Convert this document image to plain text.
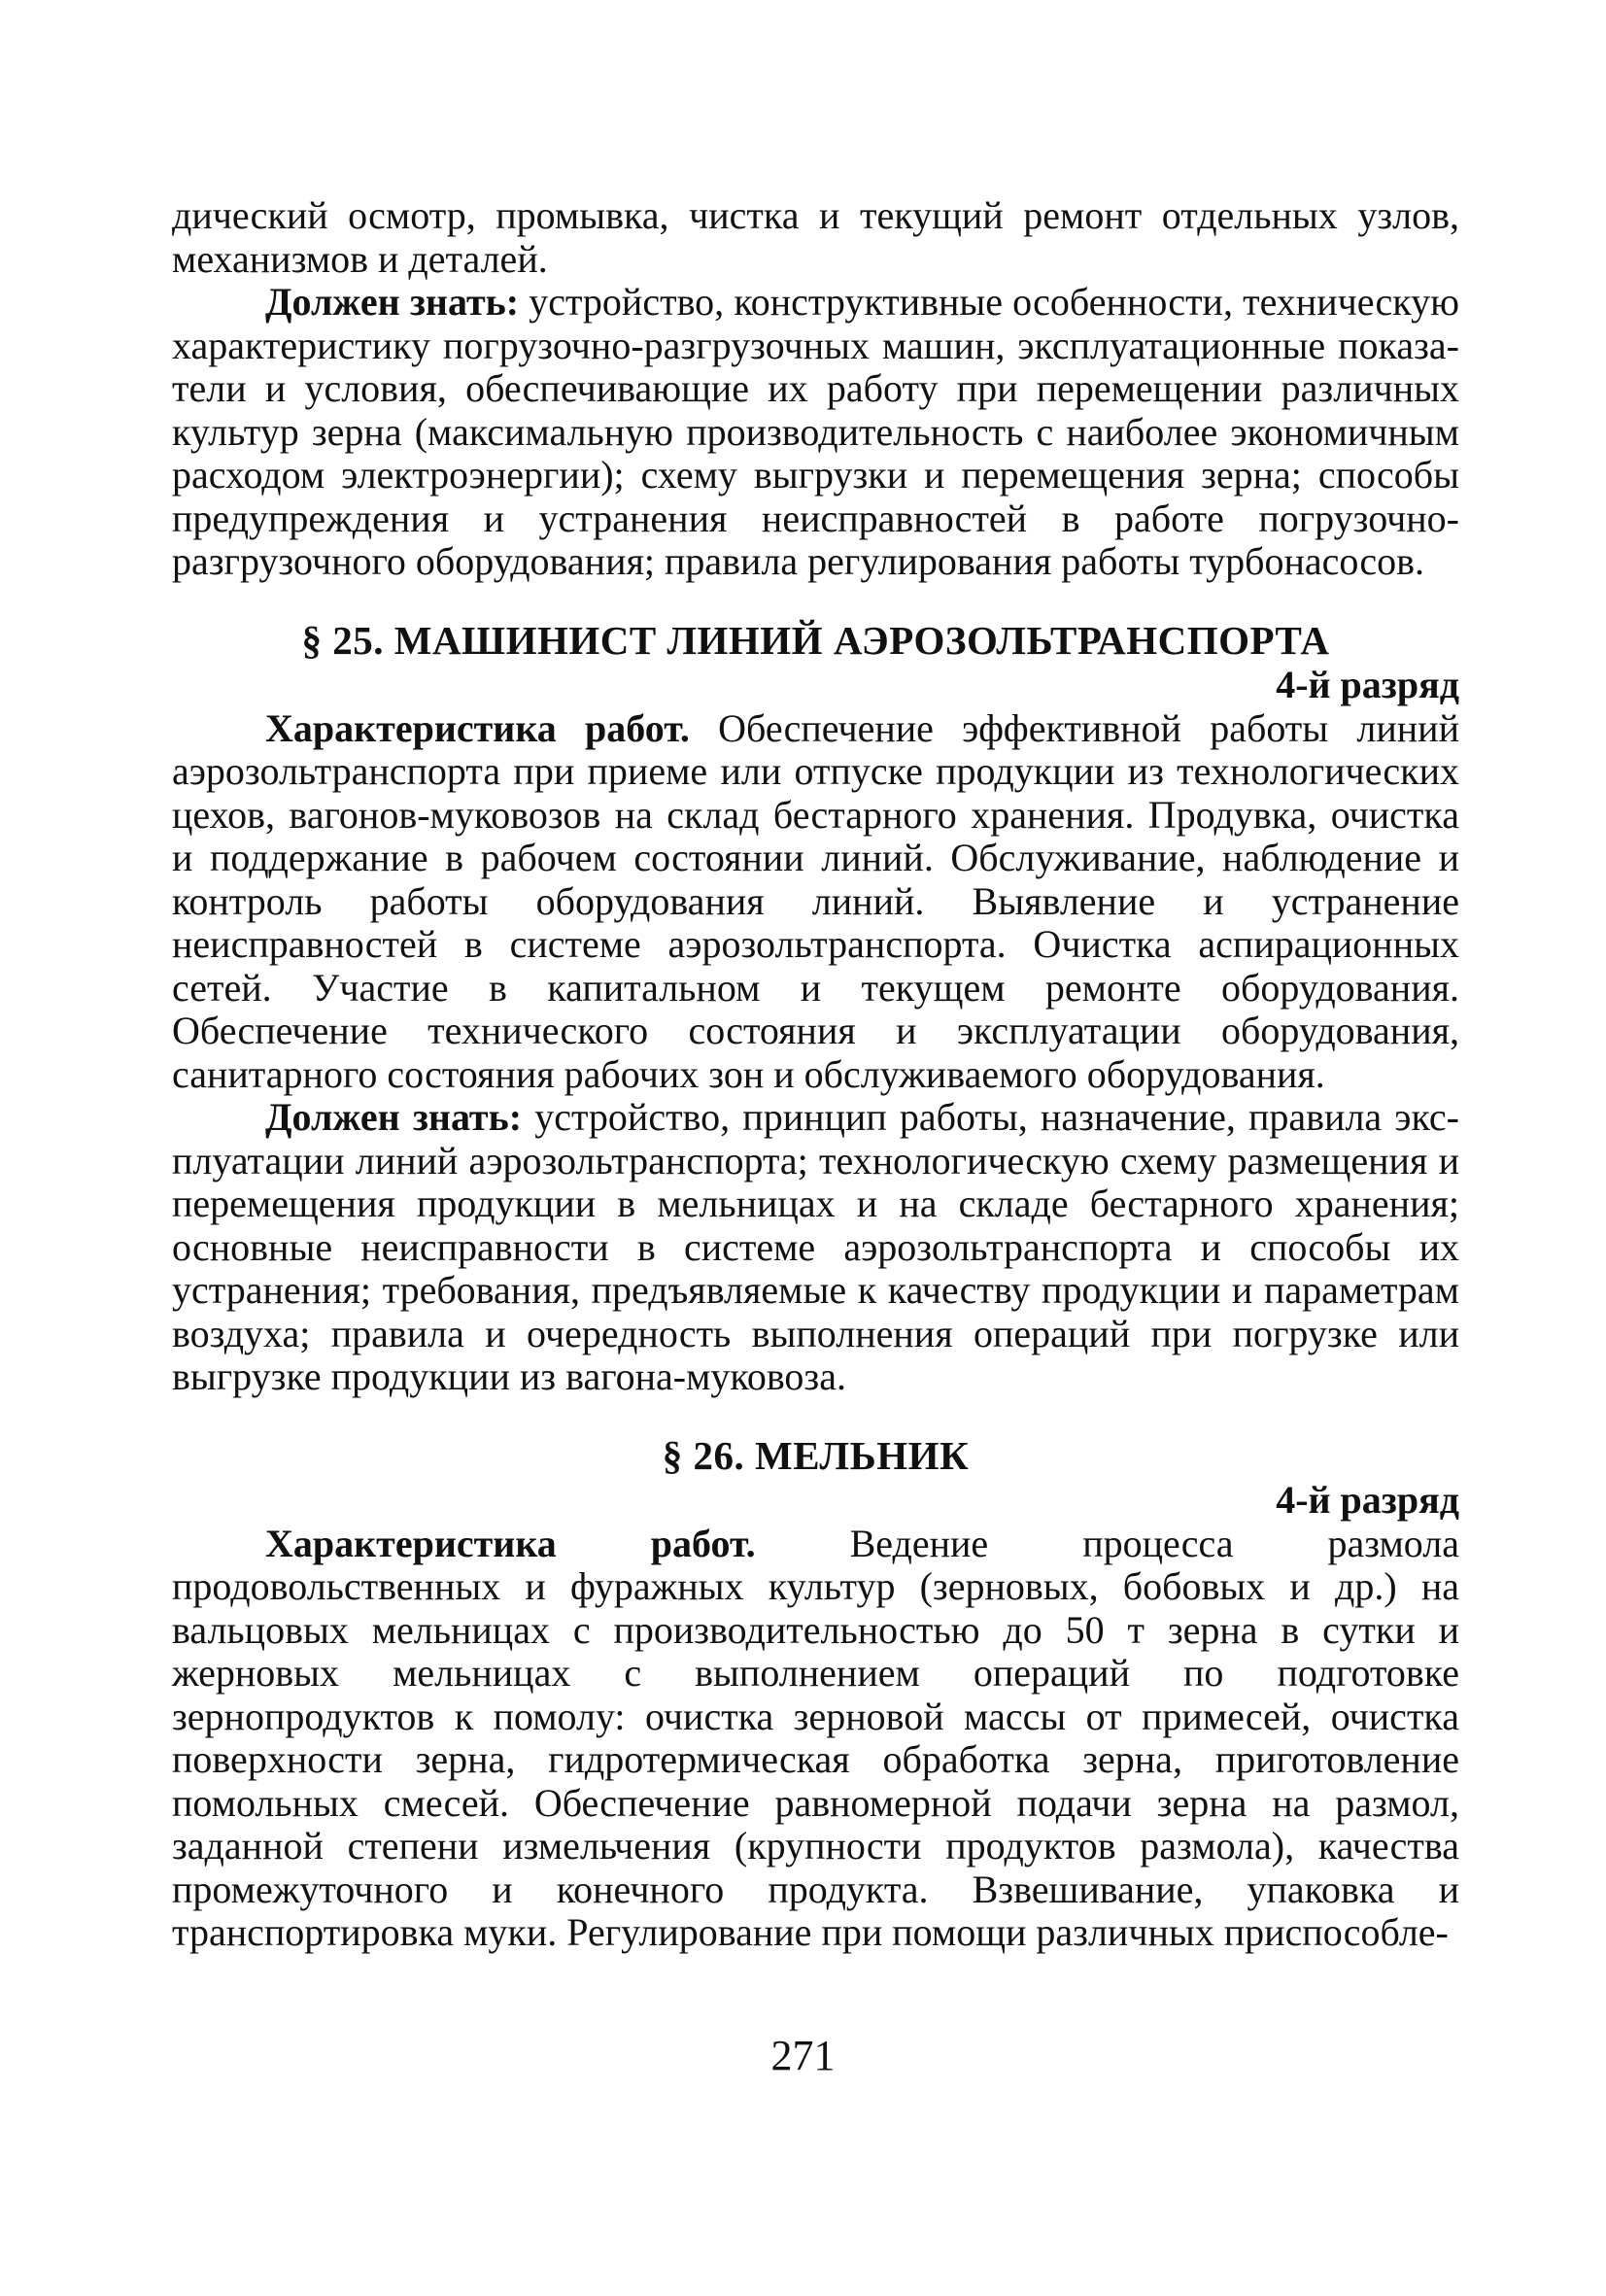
дический осмотр, промывка, чистка и текущий ремонт отдельных узлов, механизмов и деталей.

Должен знать: устройство, конструктивные особенности, техническую характеристику погрузочно-разгрузочных машин, эксплуатационные показатели и условия, обеспечивающие их работу при перемещении различных культур зерна (максимальную производительность с наиболее экономичным расходом электроэнергии); схему выгрузки и перемещения зерна; способы предупреждения и устранения неисправностей в работе погрузочно-разгрузочного оборудования; правила регулирования работы турбонасосов.

§ 25. МАШИНИСТ ЛИНИЙ АЭРОЗОЛЬТРАНСПОРТА
4-й разряд

Характеристика работ. Обеспечение эффективной работы линий аэрозольтранспорта при приеме или отпуске продукции из технологических цехов, вагонов-муковозов на склад бестарного хранения. Продувка, очистка и поддержание в рабочем состоянии линий. Обслуживание, наблюдение и контроль работы оборудования линий. Выявление и устранение неисправностей в системе аэрозольтранспорта. Очистка аспирационных сетей. Участие в капитальном и текущем ремонте оборудования. Обеспечение технического состояния и эксплуатации оборудования, санитарного состояния рабочих зон и обслуживаемого оборудования.

Должен знать: устройство, принцип работы, назначение, правила эксплуатации линий аэрозольтранспорта; технологическую схему размещения и перемещения продукции в мельницах и на складе бестарного хранения; основные неисправности в системе аэрозольтранспорта и способы их устранения; требования, предъявляемые к качеству продукции и параметрам воздуха; правила и очередность выполнения операций при погрузке или выгрузке продукции из вагона-муковоза.

§ 26. МЕЛЬНИК
4-й разряд

Характеристика работ. Ведение процесса размола продовольственных и фуражных культур (зерновых, бобовых и др.) на вальцовых мельницах с производительностью до 50 т зерна в сутки и жерновых мельницах с выполнением операций по подготовке зернопродуктов к помолу: очистка зерновой массы от примесей, очистка поверхности зерна, гидротермическая обработка зерна, приготовление помольных смесей. Обеспечение равномерной подачи зерна на размол, заданной степени измельчения (крупности продуктов размола), качества промежуточного и конечного продукта. Взвешивание, упаковка и транспортировка муки. Регулирование при помощи различных приспособле-

271
